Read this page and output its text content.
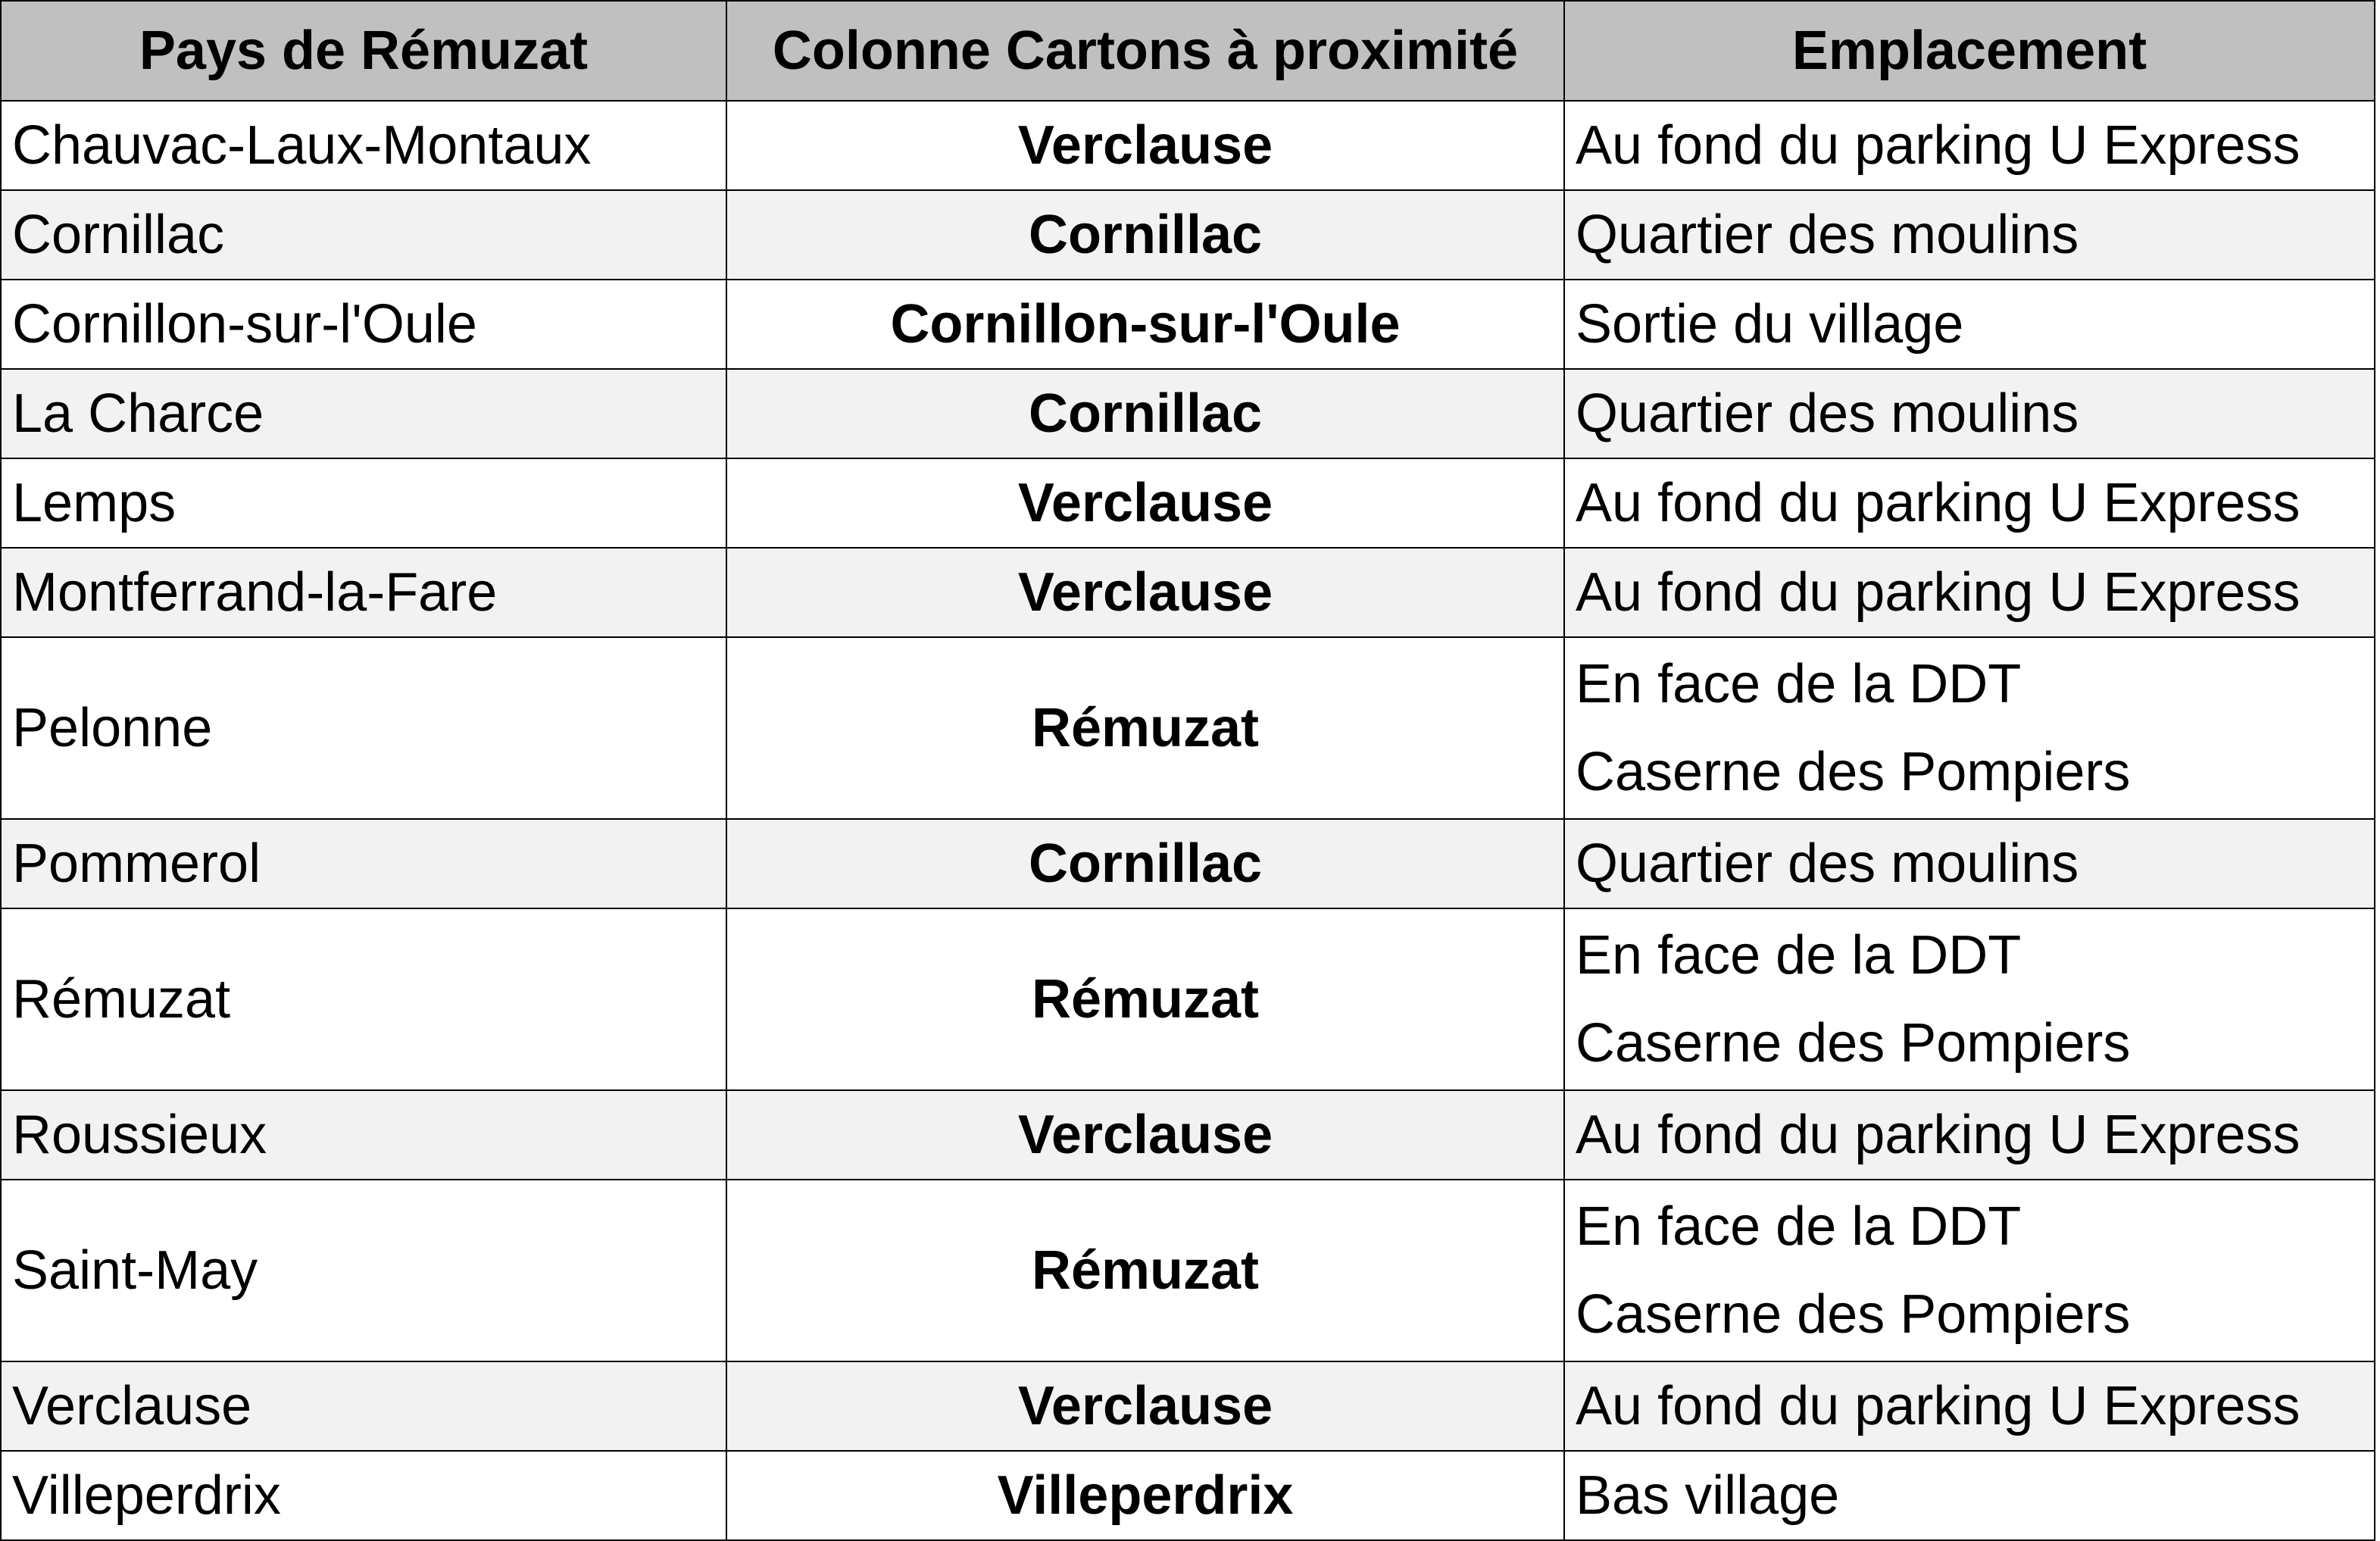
Pays de Rémuzat	Colonne Cartons à proximité	Emplacement
Chauvac-Laux-Montaux	Verclause	Au fond du parking U Express

Cornillac	Cornillac	Quartier des moulins

Cornillon-sur-l'Oule	Cornillon-sur-l'Oule	Sortie du village

La Charce	Cornillac	Quartier des moulins

Lemps	Verclause	Au fond du parking U Express

Montferrand-la-Fare	Verclause	Au fond du parking U Express

Pelonne	Rémuzat	En face de la DDT
Caserne des Pompiers

Pommerol	Cornillac	Quartier des moulins

Rémuzat	Rémuzat	En face de la DDT
Caserne des Pompiers

Roussieux	Verclause	Au fond du parking U Express

Saint-May	Rémuzat	En face de la DDT
Caserne des Pompiers

Verclause	Verclause	Au fond du parking U Express

Villeperdrix	Villeperdrix	Bas village
